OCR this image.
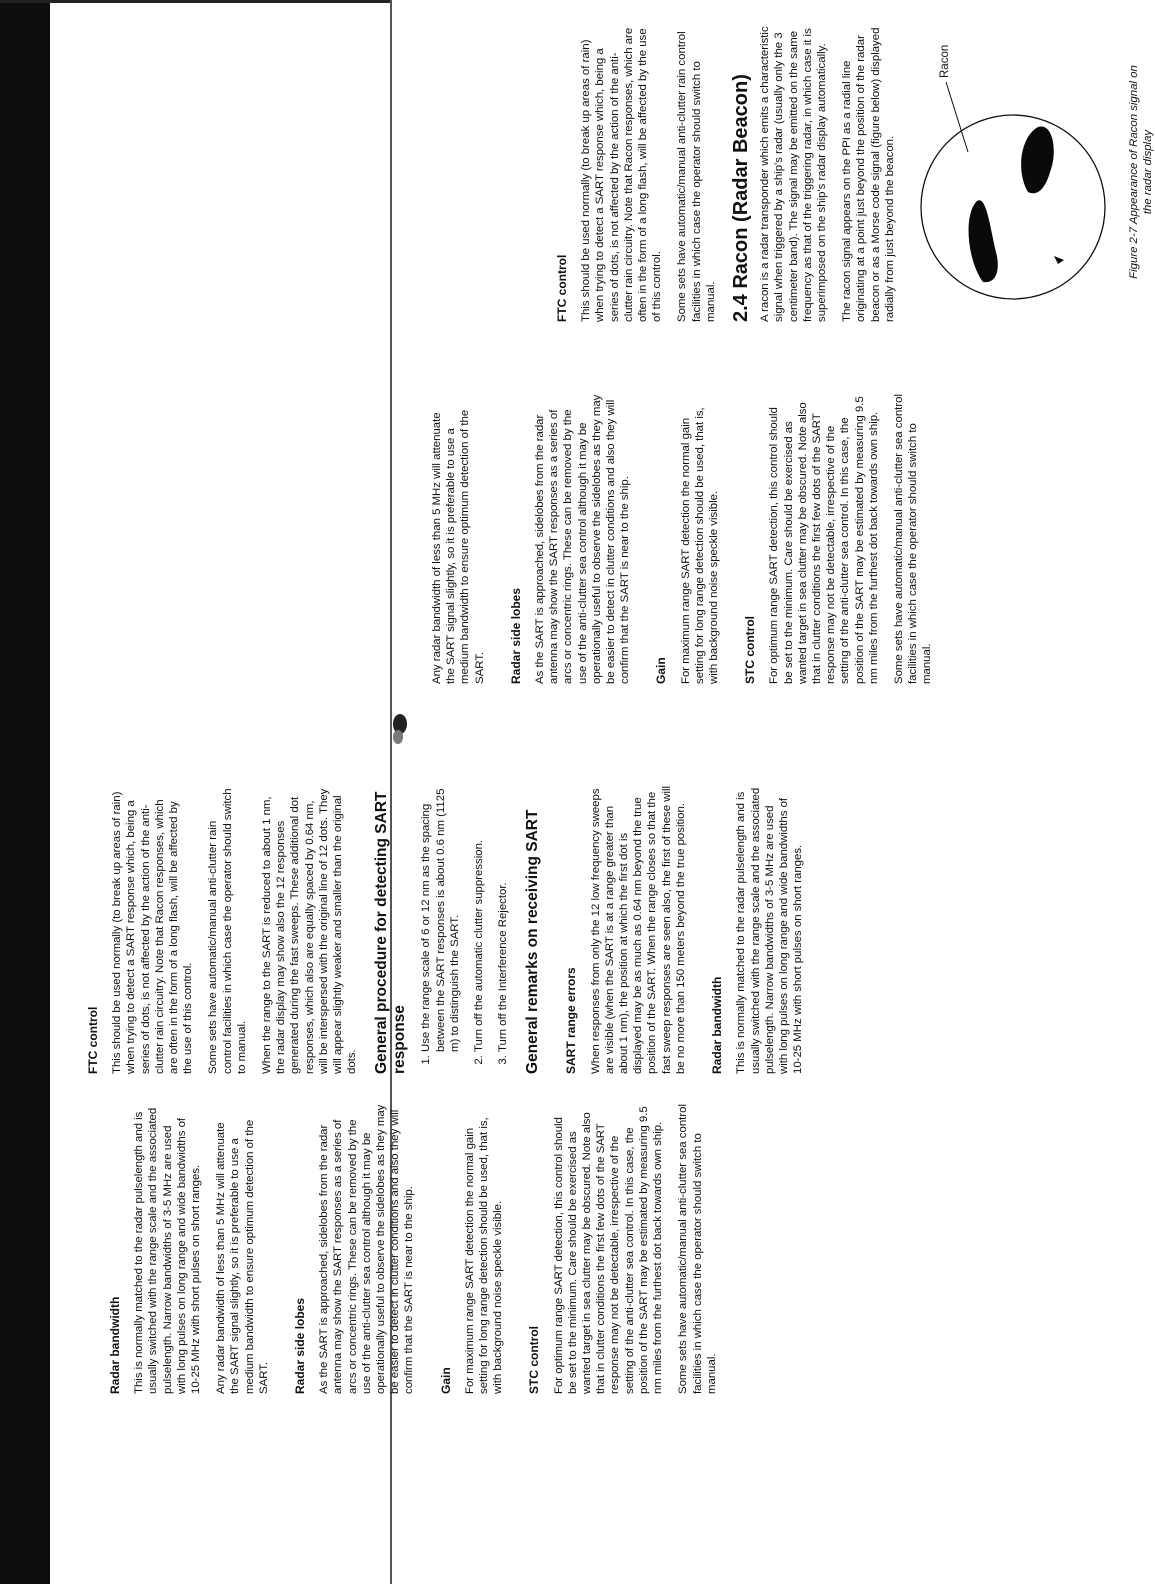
Radar bandwidth This is normally matched to the radar pulselength and is usually switched with the range scale and the associated pulselength. Narrow bandwidths of 3-5 MHz are used with long pulses on long range and wide bandwidths of 10-25 MHz with short pulses on short ranges. Any radar bandwidth of less than 5 MHz will attenuate the SART signal slightly, so it is preferable to use a medium bandwidth to ensure optimum detection of the SART. Radar side lobes As the SART is approached, sidelobes from the radar antenna may show the SART responses as a series of arcs or concentric rings. These can be removed by the use of the anti-clutter sea control although it may be operationally useful to observe the sidelobes as they may be easier to detect in clutter conditions and also they will confirm that the SART is near to the ship. Gain For maximum range SART detection the normal gain setting for long range detection should be used, that is, with background noise speckle visible. STC control For optimum range SART detection, this control should be set to the minimum. Care should be exercised as wanted target in sea clutter may be obscured. Note also that in clutter conditions the first few dots of the SART response may not be detectable, irrespective of the setting of the anti-clutter sea control. In this case, the position of the SART may be estimated by measuring 9.5 nm miles from the furthest dot back towards own ship. Some sets have automatic/manual anti-clutter sea control facilities in which case the operator should switch to manual.

FTC control This should be used normally (to break up areas of rain) when trying to detect a SART response which, being a series of dots, is not affected by the action of the anti-clutter rain circuitry. Note that Racon responses, which are often in the form of a long flash, will be affected by the use of this control. Some sets have automatic/manual anti-clutter rain control facilities in which case the operator should switch to manual. When the range to the SART is reduced to about 1 nm, the radar display may show also the 12 responses generated during the fast sweeps. These additional dot responses, which also are equally spaced by 0.64 nm, will be interspersed with the original line of 12 dots. They will appear slightly weaker and smaller than the original dots. General procedure for detecting SART response 1. Use the range scale of 6 or 12 nm as the spacing between the SART responses is about 0.6 nm (1125 m) to distinguish the SART. 2. Turn off the automatic clutter suppression. 3. Turn off the Interference Rejector. General remarks on receiving SART SART range errors When responses from only the 12 low frequency sweeps are visible (when the SART is at a range greater than about 1 nm), the position at which the first dot is displayed may be as much as 0.64 nm beyond the true position of the SART. When the range closes so that the fast sweep responses are seen also, the first of these will be no more than 150 meters beyond the true position. Radar bandwidth This is normally matched to the radar pulselength and is usually switched with the range scale and the associated pulselength. Narrow bandwidths of 3-5 MHz are used with long pulses on long range and wide bandwidths of 10-25 MHz with short pulses on short ranges.

Any radar bandwidth of less than 5 MHz will attenuate the SART signal slightly, so it is preferable to use a medium bandwidth to ensure optimum detection of the SART. Radar side lobes As the SART is approached, sidelobes from the radar antenna may show the SART responses as a series of arcs or concentric rings. These can be removed by the use of the anti-clutter sea control although it may be operationally useful to observe the sidelobes as they may be easier to detect in clutter conditions and also they will confirm that the SART is near to the ship. Gain For maximum range SART detection the normal gain setting for long range detection should be used, that is, with background noise speckle visible. STC control For optimum range SART detection, this control should be set to the minimum. Care should be exercised as wanted target in sea clutter may be obscured. Note also that in clutter conditions the first few dots of the SART response may not be detectable, irrespective of the setting of the anti-clutter sea control. In this case, the position of the SART may be estimated by measuring 9.5 nm miles from the furthest dot back towards own ship. Some sets have automatic/manual anti-clutter sea control facilities in which case the operator should switch to manual.

FTC control This should be used normally (to break up areas of rain) when trying to detect a SART response which, being a series of dots, is not affected by the action of the anti-clutter rain circuitry. Note that Racon responses, which are often in the form of a long flash, will be affected by the use of this control. Some sets have automatic/manual anti-clutter rain control facilities in which case the operator should switch to manual. 2.4 Racon (Radar Beacon) A racon is a radar transponder which emits a characteristic signal when triggered by a ship's radar (usually only the 3 centimeter band). The signal may be emitted on the same frequency as that of the triggering radar, in which case it is superimposed on the ship's radar display automatically. The racon signal appears on the PPI as a radial line originating at a point just beyond the position of the radar beacon or as a Morse code signal (figure below) displayed radially from just beyond the beacon.

Racon
Figure 2-7 Appearance of Racon signal on the radar display
